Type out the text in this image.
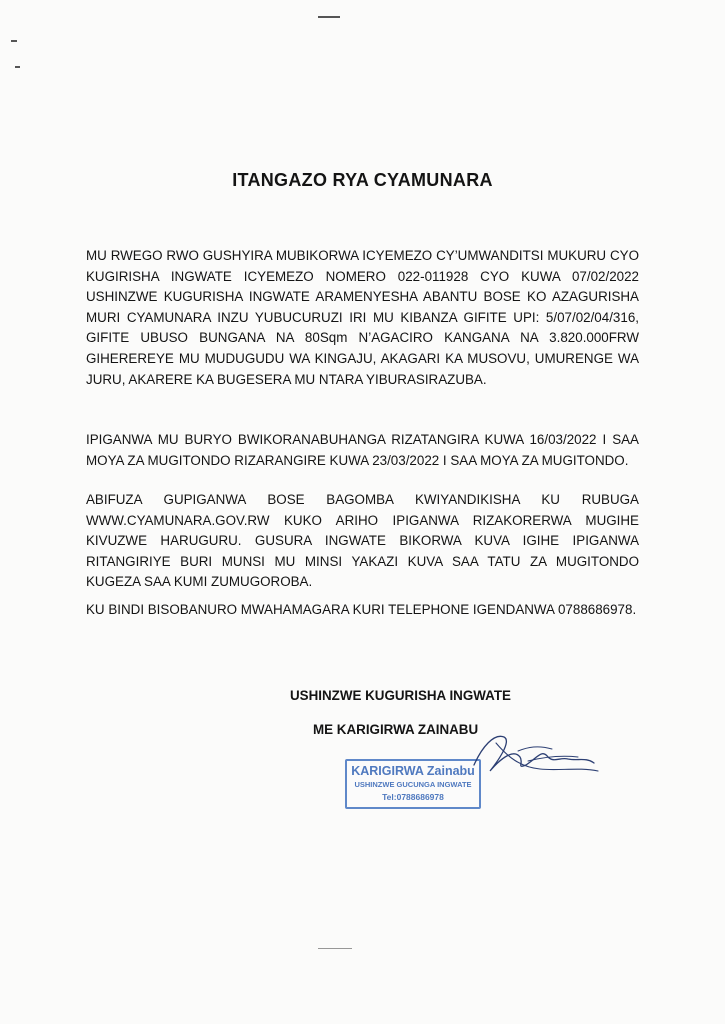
ITANGAZO RYA CYAMUNARA

MU RWEGO RWO GUSHYIRA MUBIKORWA ICYEMEZO CY’UMWANDITSI MUKURU CYO KUGIRISHA INGWATE ICYEMEZO NOMERO 022-011928 CYO KUWA 07/02/2022 USHINZWE KUGURISHA INGWATE ARAMENYESHA ABANTU BOSE KO AZAGURISHA MURI CYAMUNARA INZU YUBUCURUZI IRI MU KIBANZA GIFITE UPI: 5/07/02/04/316, GIFITE UBUSO BUNGANA NA 80Sqm N’AGACIRO KANGANA NA 3.820.000FRW GIHEREREYE MU MUDUGUDU WA KINGAJU, AKAGARI KA MUSOVU, UMURENGE WA JURU, AKARERE KA BUGESERA MU NTARA YIBURASIRAZUBA.

IPIGANWA MU BURYO BWIKORANABUHANGA RIZATANGIRA KUWA 16/03/2022 I SAA MOYA ZA MUGITONDO RIZARANGIRE KUWA 23/03/2022 I SAA MOYA ZA MUGITONDO.

ABIFUZA GUPIGANWA BOSE BAGOMBA KWIYANDIKISHA KU RUBUGA WWW.CYAMUNARA.GOV.RW KUKO ARIHO IPIGANWA RIZAKORERWA MUGIHE KIVUZWE HARUGURU. GUSURA INGWATE BIKORWA KUVA IGIHE IPIGANWA RITANGIRIYE BURI MUNSI MU MINSI YAKAZI KUVA SAA TATU ZA MUGITONDO KUGEZA SAA KUMI ZUMUGOROBA.

KU BINDI BISOBANURO MWAHAMAGARA KURI TELEPHONE IGENDANWA 0788686978.

USHINZWE KUGURISHA INGWATE

ME KARIGIRWA ZAINABU

KARIGIRWA Zainabu
USHINZWE GUCUNGA INGWATE
Tel:0788686978
